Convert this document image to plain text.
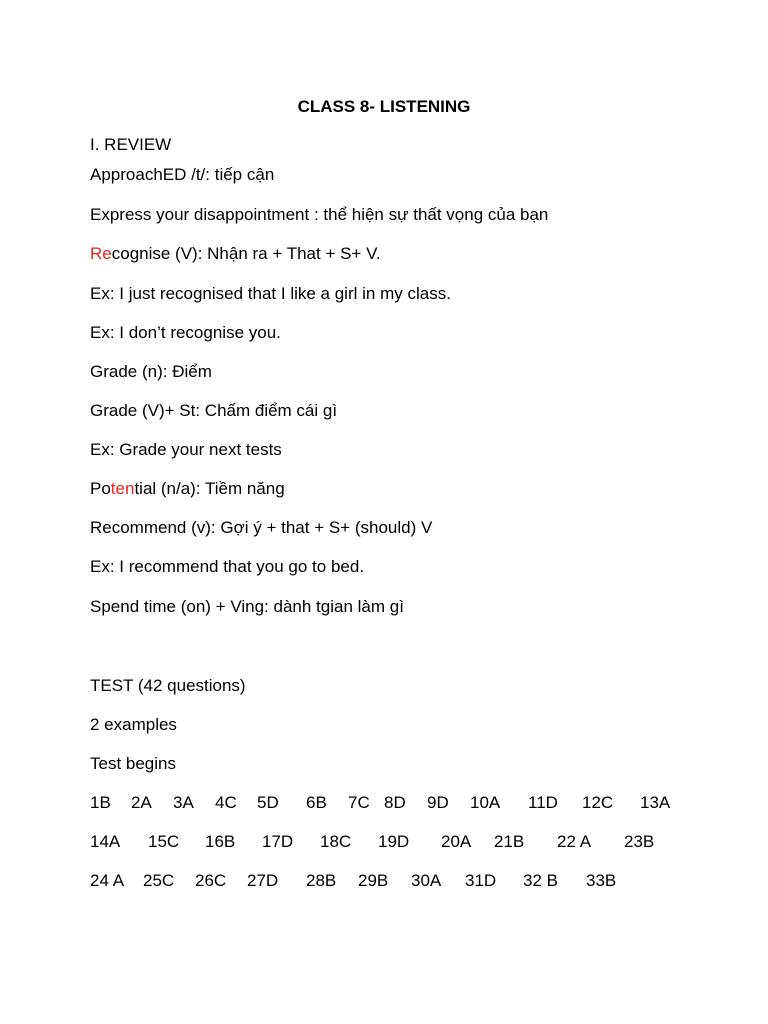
CLASS 8- LISTENING
I. REVIEW
ApproachED /t/: tiếp cận
Express your disappointment : thể hiện sự thất vọng của bạn
Recognise (V): Nhận ra + That + S+ V.
Ex: I just recognised that I like a girl in my class.
Ex: I don’t recognise you.
Grade (n): Điểm
Grade (V)+ St: Chấm điểm cái gì
Ex: Grade your next tests
Potential (n/a): Tiềm năng
Recommend (v): Gợi ý + that + S+ (should) V
Ex: I recommend that you go to bed.
Spend time (on) + Ving: dành tgian làm gì
TEST (42 questions)
2 examples
Test begins
1B 2A 3A 4C 5D 6B 7C 8D 9D 10A 11D 12C 13A
14A 15C 16B 17D 18C 19D 20A 21B 22 A 23B
24 A 25C 26C 27D 28B 29B 30A 31D 32 B 33B
